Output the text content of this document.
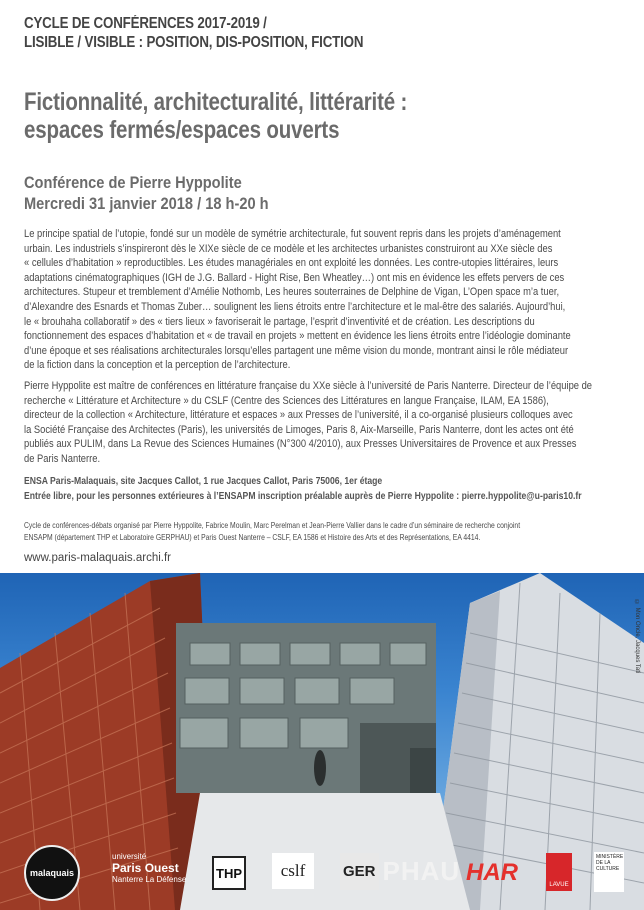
CYCLE DE CONFÉRENCES 2017-2019 /
LISIBLE / VISIBLE : POSITION, DIS-POSITION, FICTION
Fictionnalité, architecturalité, littérarité :
espaces fermés/espaces ouverts
Conférence de Pierre Hyppolite
Mercredi 31 janvier 2018 / 18 h-20 h
Le principe spatial de l’utopie, fondé sur un modèle de symétrie architecturale, fut souvent repris dans les projets d’aménagement
urbain. Les industriels s’inspireront dès le XIXe siècle de ce modèle et les architectes urbanistes construiront au XXe siècle des
« cellules d’habitation » reproductibles. Les études managériales en ont exploité les données. Les contre-utopies littéraires, leurs
adaptations cinématographiques (IGH de J.G. Ballard - Hight Rise, Ben Wheatley…) ont mis en évidence les effets pervers de ces
architectures. Stupeur et tremblement d’Amélie Nothomb, Les heures souterraines de Delphine de Vigan, L’Open space m’a tuer,
d’Alexandre des Esnards et Thomas Zuber… soulignent les liens étroits entre l’architecture et le mal-être des salariés. Aujourd’hui,
le « brouhaha collaboratif » des « tiers lieux » favoriserait le partage, l’esprit d’inventivité et de création. Les descriptions du
fonctionnement des espaces d’habitation et « de travail en projets » mettent en évidence les liens étroits entre l’idéologie dominante
d’une époque et ses réalisations architecturales lorsqu’elles partagent une même vision du monde, montrant ainsi le rôle médiateur
de la fiction dans la conception et la perception de l’architecture.
Pierre Hyppolite est maître de conférences en littérature française du XXe siècle à l’université de Paris Nanterre. Directeur de l’équipe de
recherche « Littérature et Architecture » du CSLF (Centre des Sciences des Littératures en langue Française, ILAM, EA 1586),
directeur de la collection « Architecture, littérature et espaces » aux Presses de l’université, il a co-organisé plusieurs colloques avec
la Société Française des Architectes (Paris), les universités de Limoges, Paris 8, Aix-Marseille, Paris Nanterre, dont les actes ont été
publiés aux PULIM, dans La Revue des Sciences Humaines (N°300 4/2010), aux Presses Universitaires de Provence et aux Presses
de Paris Nanterre.
ENSA Paris-Malaquais, site Jacques Callot, 1 rue Jacques Callot, Paris 75006, 1er étage
Entrée libre, pour les personnes extérieures à l’ENSAPM inscription préalable auprès de Pierre Hyppolite : pierre.hyppolite@u-paris10.fr
Cycle de conférences-débats organisé par Pierre Hyppolite, Fabrice Moulin, Marc Perelman et Jean-Pierre Vallier dans le cadre d’un séminaire de recherche conjoint
ENSAPM (département THP et Laboratoire GERPHAU) et Paris Ouest Nanterre – CSLF, EA 1586 et Histoire des Arts et des Représentations, EA 4414.
www.paris-malaquais.archi.fr
© Mon Oncle, Jacques Tati
malaquais
université
Paris Ouest
Nanterre La Défense	THP cslf	GER PHAU HAR	LAVUE
MINISTÈRE DE LA CULTURE
